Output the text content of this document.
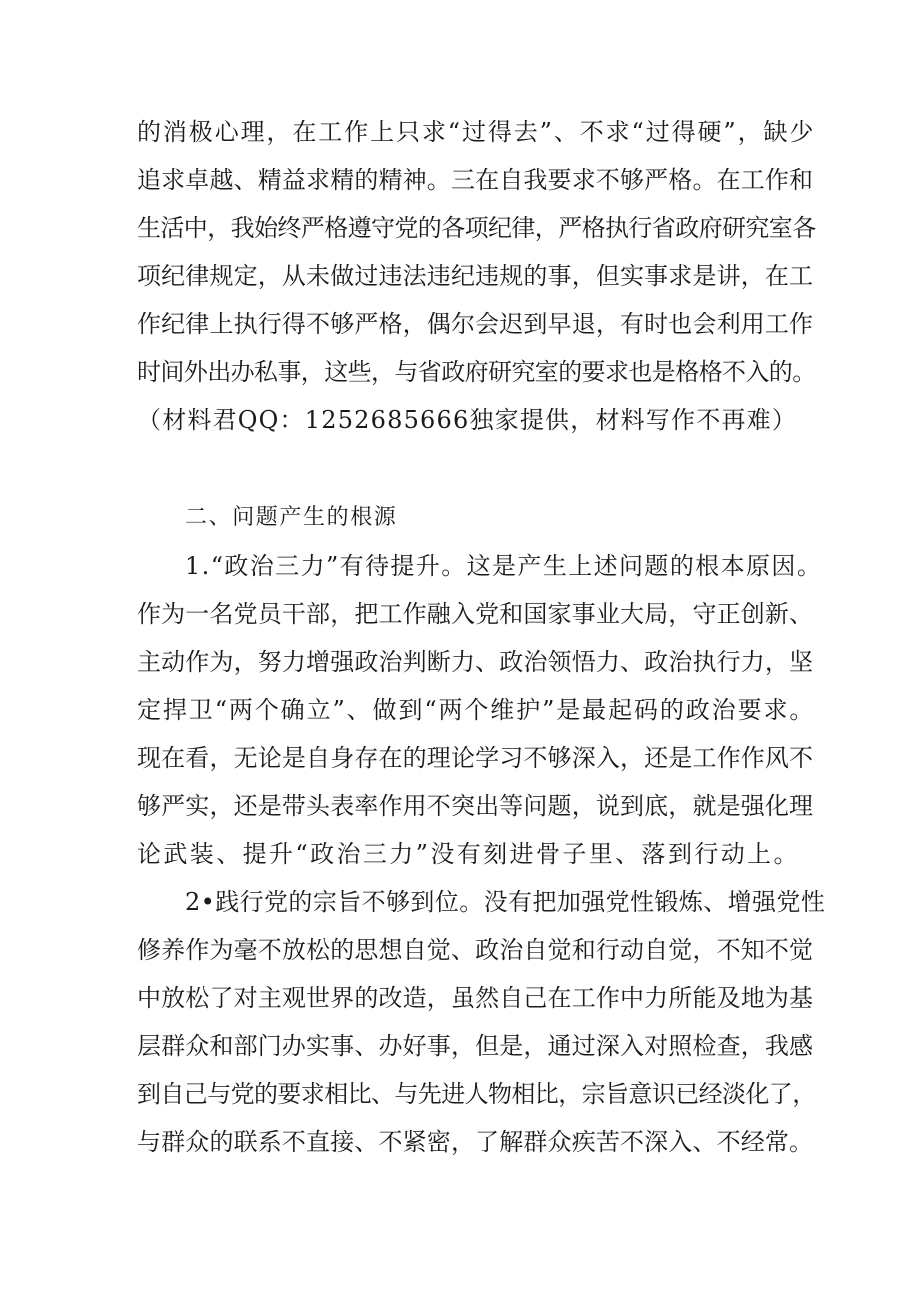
的消极心理，在工作上只求“过得去”、不求“过得硬”，缺少
追求卓越、精益求精的精神。三在自我要求不够严格。在工作和
生活中，我始终严格遵守党的各项纪律，严格执行省政府研究室各
项纪律规定，从未做过违法违纪违规的事，但实事求是讲，在工
作纪律上执行得不够严格，偶尔会迟到早退，有时也会利用工作
时间外出办私事，这些，与省政府研究室的要求也是格格不入的。
（材料君QQ：1252685666独家提供，材料写作不再难）
二、问题产生的根源
1.“政治三力”有待提升。这是产生上述问题的根本原因。
作为一名党员干部，把工作融入党和国家事业大局，守正创新、
主动作为，努力增强政治判断力、政治领悟力、政治执行力，坚
定捍卫“两个确立”、做到“两个维护”是最起码的政治要求。
现在看，无论是自身存在的理论学习不够深入，还是工作作风不
够严实，还是带头表率作用不突出等问题，说到底，就是强化理
论武装、提升“政治三力”没有刻进骨子里、落到行动上。
2•践行党的宗旨不够到位。没有把加强党性锻炼、增强党性
修养作为毫不放松的思想自觉、政治自觉和行动自觉，不知不觉
中放松了对主观世界的改造，虽然自己在工作中力所能及地为基
层群众和部门办实事、办好事，但是，通过深入对照检查，我感
到自己与党的要求相比、与先进人物相比，宗旨意识已经淡化了，
与群众的联系不直接、不紧密，了解群众疾苦不深入、不经常。
